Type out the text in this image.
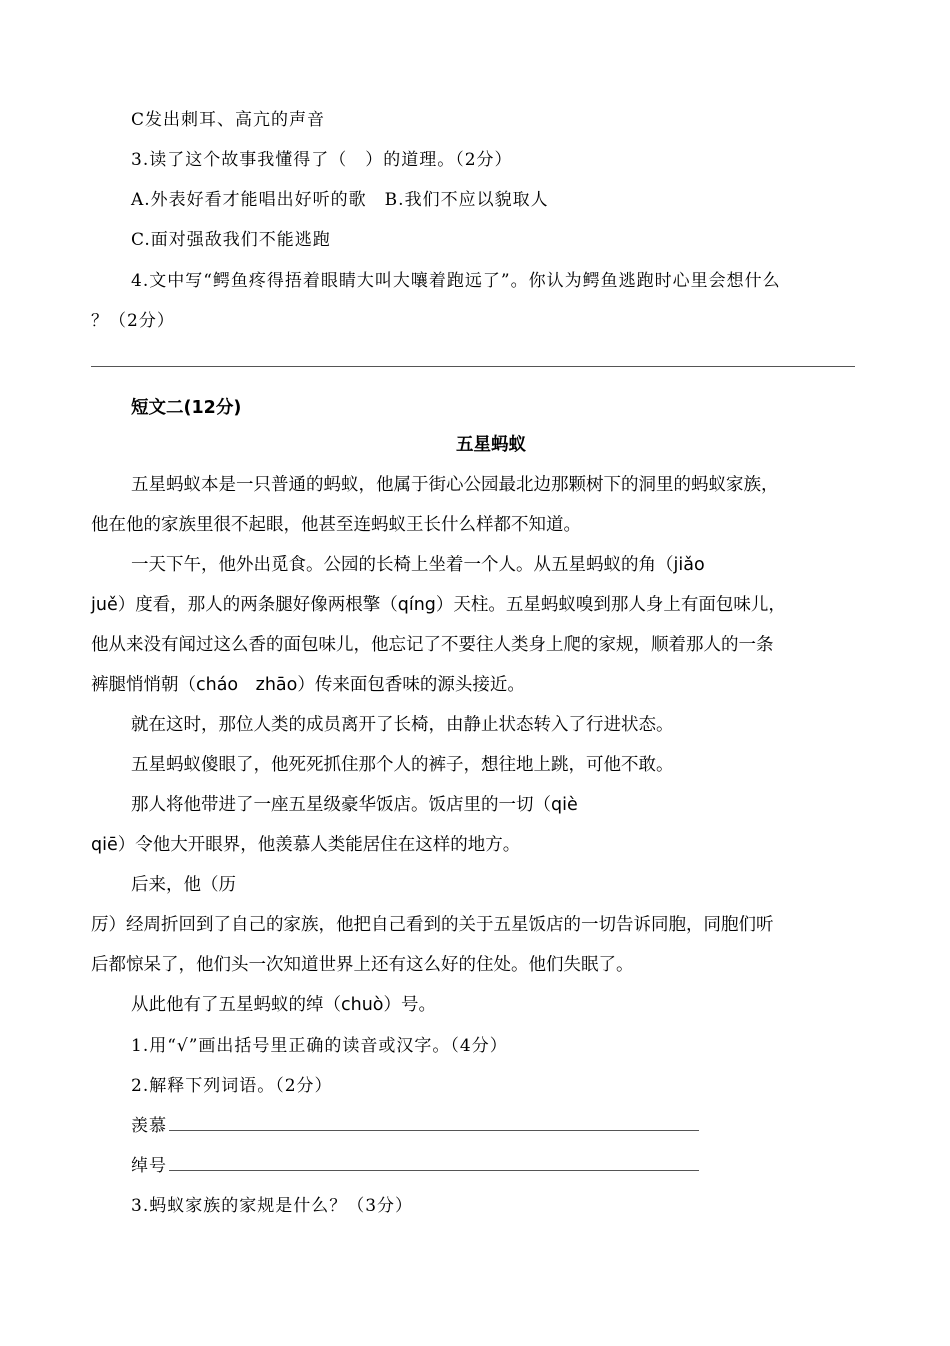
C发出刺耳、高亢的声音
3.读了这个故事我懂得了（　）的道理。（2分）
A.外表好看才能唱出好听的歌　B.我们不应以貌取人
C.面对强敌我们不能逃跑
4.文中写“鳄鱼疼得捂着眼睛大叫大嚷着跑远了”。你认为鳄鱼逃跑时心里会想什么
？（2分）
短文二(12分)
五星蚂蚁
五星蚂蚁本是一只普通的蚂蚁，他属于街心公园最北边那颗树下的洞里的蚂蚁家族，
他在他的家族里很不起眼，他甚至连蚂蚁王长什么样都不知道。
一天下午，他外出觅食。公园的长椅上坐着一个人。从五星蚂蚁的角（jiǎo
juě）度看，那人的两条腿好像两根擎（qíng）天柱。五星蚂蚁嗅到那人身上有面包味儿，
他从来没有闻过这么香的面包味儿，他忘记了不要往人类身上爬的家规，顺着那人的一条
裤腿悄悄朝（cháo　zhāo）传来面包香味的源头接近。
就在这时，那位人类的成员离开了长椅，由静止状态转入了行进状态。
五星蚂蚁傻眼了，他死死抓住那个人的裤子，想往地上跳，可他不敢。
那人将他带进了一座五星级豪华饭店。饭店里的一切（qiè
qiē）令他大开眼界，他羡慕人类能居住在这样的地方。
后来，他（历
厉）经周折回到了自己的家族，他把自己看到的关于五星饭店的一切告诉同胞，同胞们听
后都惊呆了，他们头一次知道世界上还有这么好的住处。他们失眠了。
从此他有了五星蚂蚁的绰（chuò）号。
1.用“√”画出括号里正确的读音或汉字。（4分）
2.解释下列词语。（2分）
羡慕
绰号
3.蚂蚁家族的家规是什么？（3分）
